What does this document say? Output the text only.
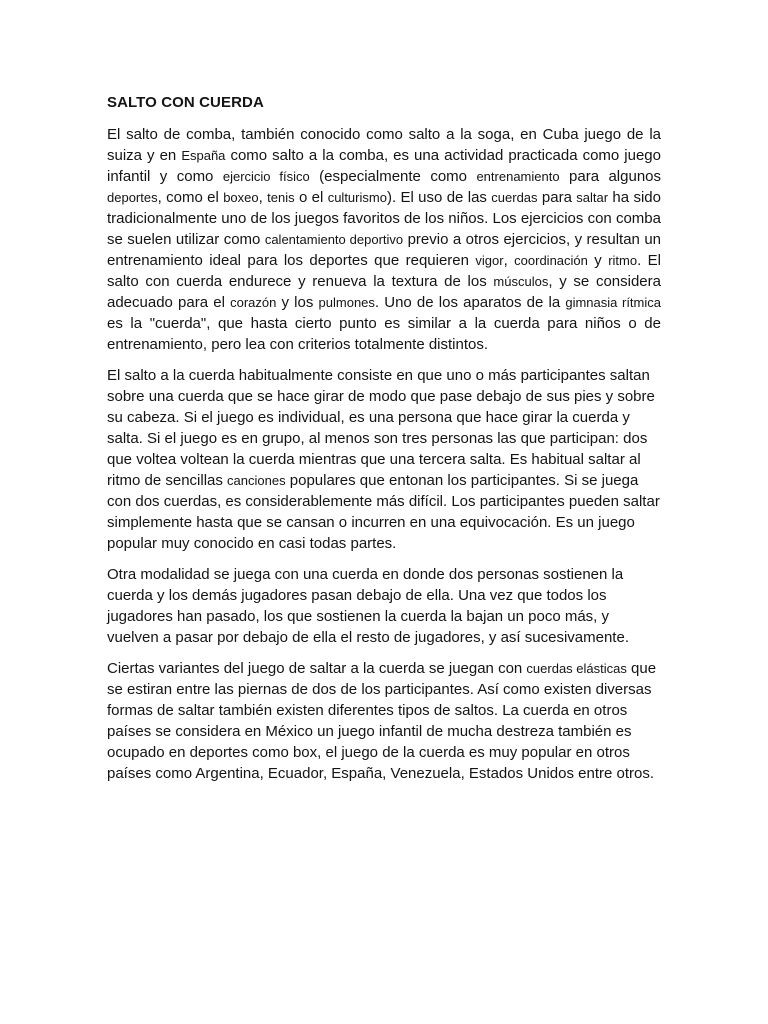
SALTO CON CUERDA

El salto de comba, también conocido como salto a la soga, en Cuba juego de la suiza y en España como salto a la comba, es una actividad practicada como juego infantil y como ejercicio físico (especialmente como entrenamiento para algunos deportes, como el boxeo, tenis o el culturismo). El uso de las cuerdas para saltar ha sido tradicionalmente uno de los juegos favoritos de los niños. Los ejercicios con comba se suelen utilizar como calentamiento deportivo previo a otros ejercicios, y resultan un entrenamiento ideal para los deportes que requieren vigor, coordinación y ritmo. El salto con cuerda endurece y renueva la textura de los músculos, y se considera adecuado para el corazón y los pulmones. Uno de los aparatos de la gimnasia rítmica es la "cuerda", que hasta cierto punto es similar a la cuerda para niños o de entrenamiento, pero lea con criterios totalmente distintos.

El salto a la cuerda habitualmente consiste en que uno o más participantes saltan sobre una cuerda que se hace girar de modo que pase debajo de sus pies y sobre su cabeza. Si el juego es individual, es una persona que hace girar la cuerda y salta. Si el juego es en grupo, al menos son tres personas las que participan: dos que voltea voltean la cuerda mientras que una tercera salta. Es habitual saltar al ritmo de sencillas canciones populares que entonan los participantes. Si se juega con dos cuerdas, es considerablemente más difícil. Los participantes pueden saltar simplemente hasta que se cansan o incurren en una equivocación. Es un juego popular muy conocido en casi todas partes.

Otra modalidad se juega con una cuerda en donde dos personas sostienen la cuerda y los demás jugadores pasan debajo de ella. Una vez que todos los jugadores han pasado, los que sostienen la cuerda la bajan un poco más, y vuelven a pasar por debajo de ella el resto de jugadores, y así sucesivamente.

Ciertas variantes del juego de saltar a la cuerda se juegan con cuerdas elásticas que se estiran entre las piernas de dos de los participantes. Así como existen diversas formas de saltar también existen diferentes tipos de saltos. La cuerda en otros países se considera en México un juego infantil de mucha destreza también es ocupado en deportes como box, el juego de la cuerda es muy popular en otros países como Argentina, Ecuador, España, Venezuela, Estados Unidos entre otros.
